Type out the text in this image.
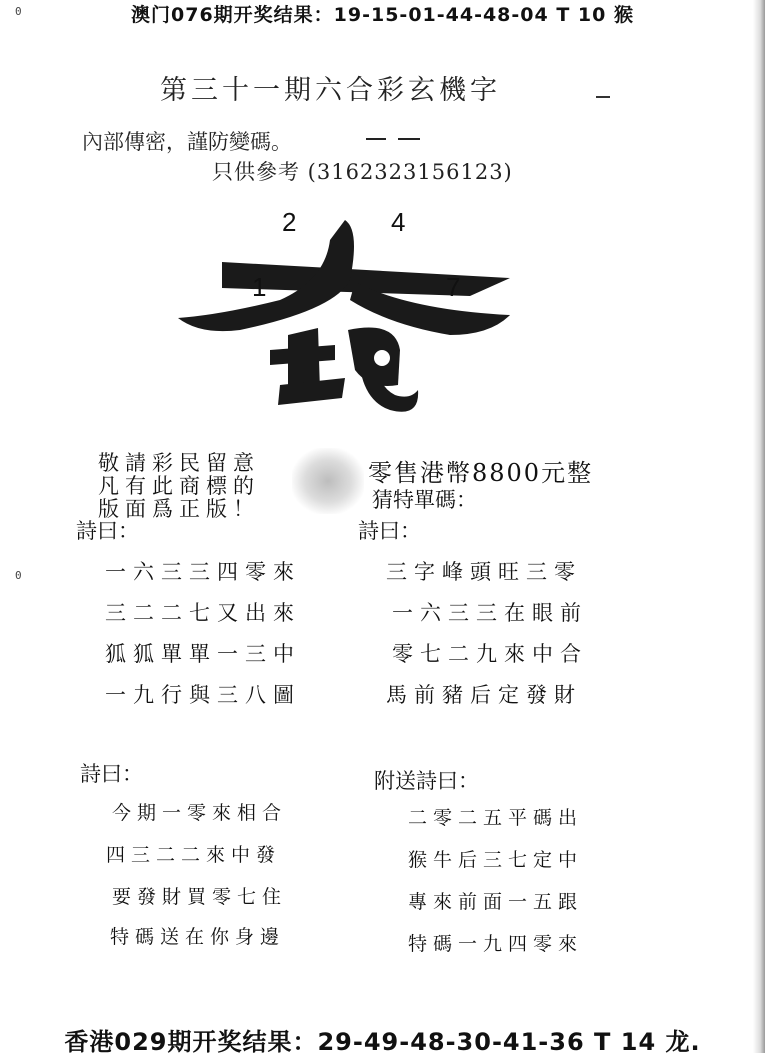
澳门076期开奖结果：19-15-01-44-48-04 T 10 猴
0
0
第三十一期六合彩玄機字
內部傳密，謹防變碼。
只供參考 (3162323156123)
2	4
1	7
敬請彩民留意
凡有此商標的
版面爲正版！
零售港幣8800元整
猜特單碼：
詩曰：
一六三三四零來
三二二七又出來
狐狐單單一三中
一九行與三八圖
詩曰：
三字峰頭旺三零
一六三三在眼前
零七二九來中合
馬前豬后定發財
詩曰：
今期一零來相合
四三二二來中發
要發財買零七住
特碼送在你身邊
附送詩曰：
二零二五平碼出
猴牛后三七定中
專來前面一五跟
特碼一九四零來
香港029期开奖结果：29-49-48-30-41-36 T 14 龙.
